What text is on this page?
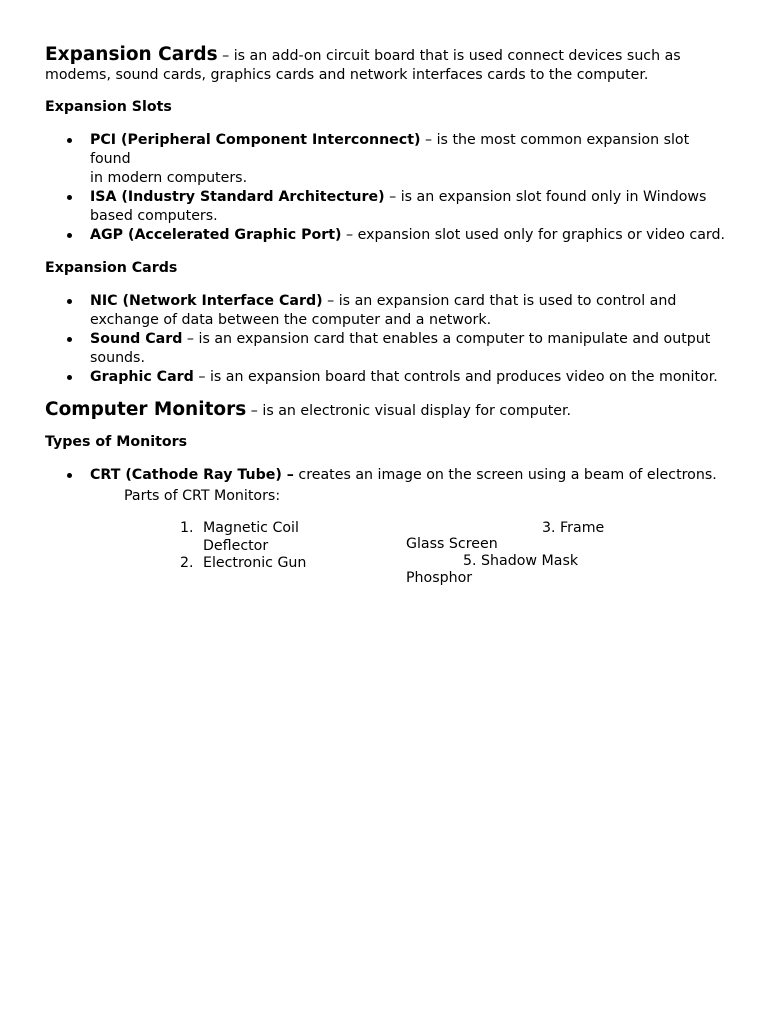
Expansion Cards – is an add-on circuit board that is used connect devices such as
modems, sound cards, graphics cards and network interfaces cards to the computer.
Expansion Slots
PCI (Peripheral Component Interconnect) – is the most common expansion slot found
in modern computers.
ISA (Industry Standard Architecture) – is an expansion slot found only in Windows
based computers.
AGP (Accelerated Graphic Port) – expansion slot used only for graphics or video card.
Expansion Cards
NIC (Network Interface Card) – is an expansion card that is used to control and
exchange of data between the computer and a network.
Sound Card – is an expansion card that enables a computer to manipulate and output
sounds.
Graphic Card – is an expansion board that controls and produces video on the monitor.
Computer Monitors – is an electronic visual display for computer.
Types of Monitors
CRT (Cathode Ray Tube) – creates an image on the screen using a beam of electrons.
Parts of CRT Monitors:
1. Magnetic Coil
Deflector
2. Electronic Gun
3. Frame
Glass Screen
5. Shadow Mask
Phosphor
